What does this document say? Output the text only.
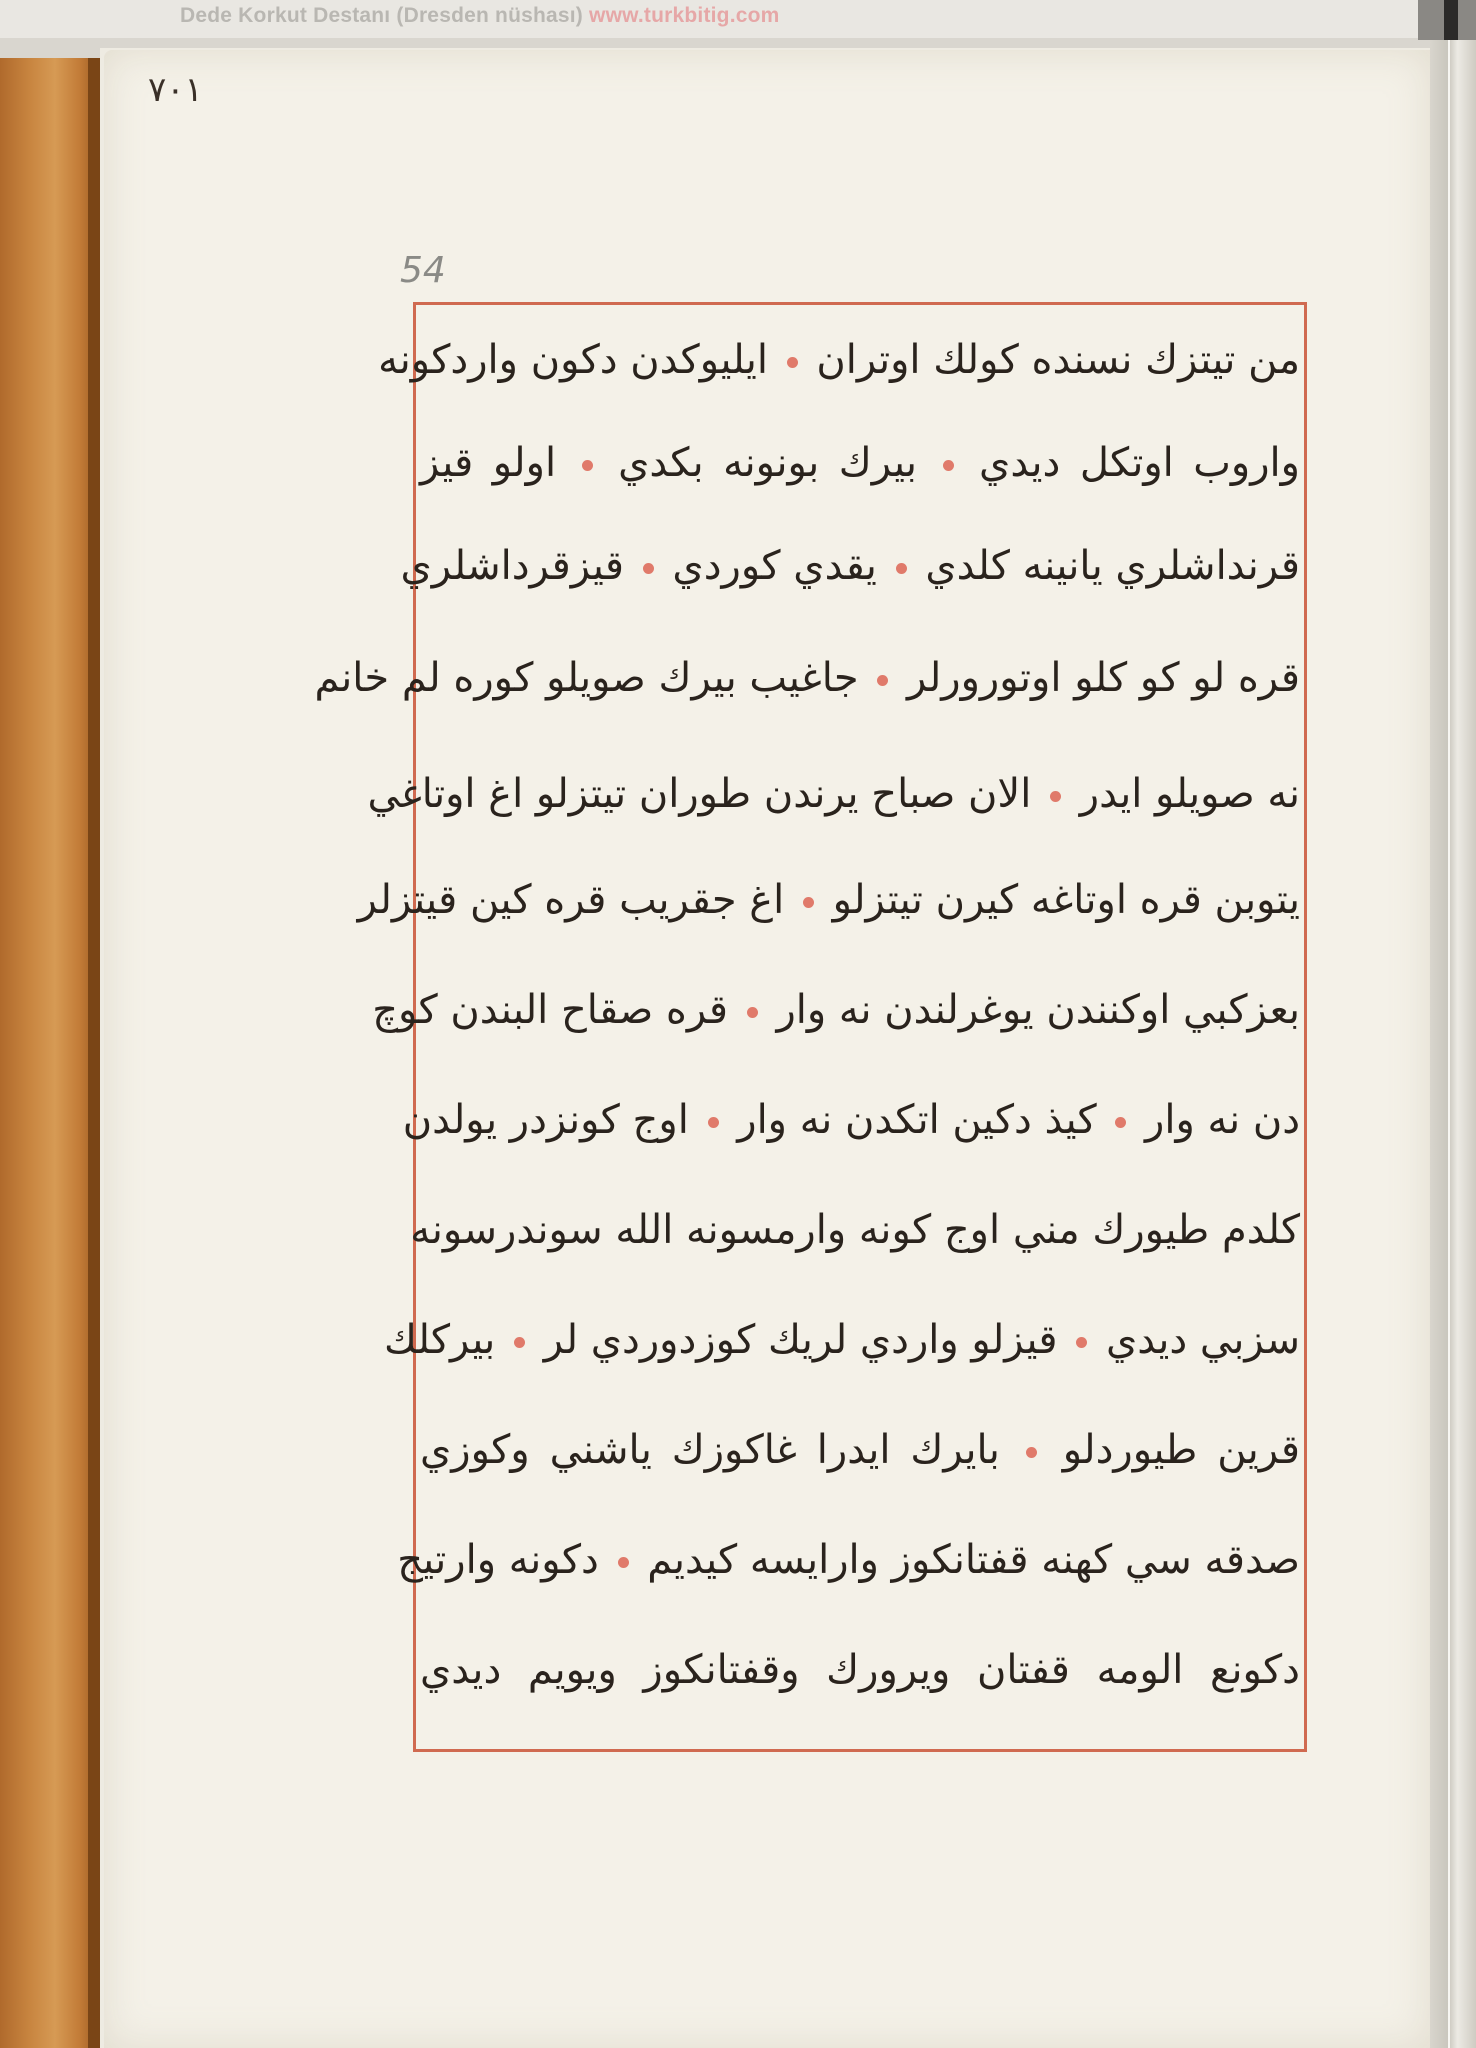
Dede Korkut Destanı (Dresden nüshası) www.turkbitig.com
١٠٧
54
من تيتزك نسنده كولك اوتران  ايليوكدن دكون واردكونه
واروب اوتكل ديدي  بيرك بونونه بكدي  اولو قيز
قرنداشلري يانينه كلدي  يقدي كوردي  قيزقرداشلري
قره لو كو كلو اوتورورلر  جاغيب بيرك صويلو كوره لم خانم
نه صويلو ايدر  الان صباح يرندن طوران تيتزلو اغ اوتاغي
يتوبن قره اوتاغه كيرن تيتزلو  اغ جقريب قره كين قيتزلر
بعزكبي اوكنندن يوغرلندن نه وار  قره صقاح البندن كوچ
دن نه وار  كيذ دكين اتكدن نه وار  اوج كونزدر يولدن
كلدم طيورك مني اوج كونه وارمسونه الله سوندرسونه
سزبي ديدي  قيزلو واردي لريك كوزدوردي لر  بيركلك
قرين طيوردلو  بايرك ايدرا غاكوزك ياشني وكوزي
صدقه سي كهنه قفتانكوز وارايسه كيديم  دكونه وارتيج
دكونع الومه قفتان ويرورك وقفتانكوز ويويم ديدي
